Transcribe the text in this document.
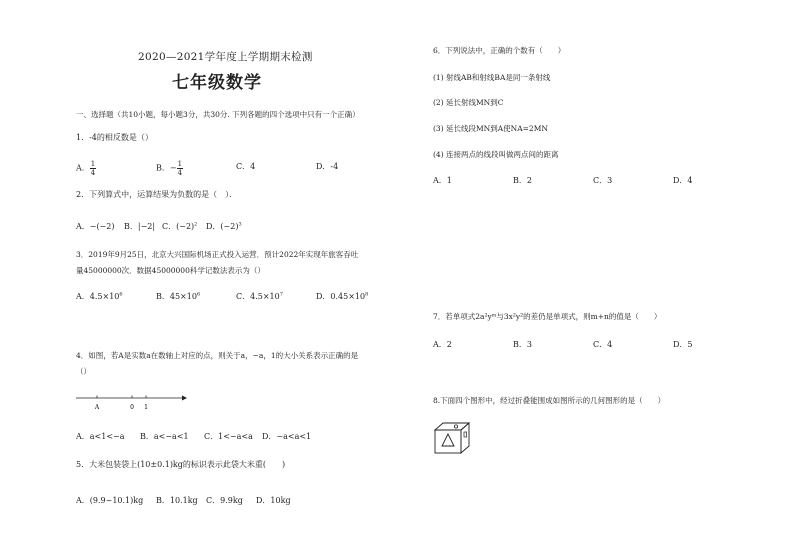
2020—2021学年度上学期期末检测
七年级数学
一、选择题（共10小题，每小题3分，共30分. 下列各题的四个选项中只有一个正确）
1．-4的相反数是（）
A． $\frac{1}{4}$	B．− $\frac{1}{4}$	C．4	D．-4
2．下列算式中，运算结果为负数的是（　）．
A．−(−2) B．|−2| C．$(-2)^2$ D．$(-2)^3$
3．2019年9月25日，北京大兴国际机场正式投入运营．预计2022年实现年旅客吞吐
量45000000次．数据45000000科学记数法表示为（）
A．$4.5\times 10^6$	B．$45\times 10^6$	C．$4.5\times 10^7$	D．$0.45\times 10^8$
4．如图，若A是实数a在数轴上对应的点，则关于a，−a，1的大小关系表示正确的是
（）
A	0 1
A．a<1<−a B．a<−a<1 C．1<−a<a D．−a<a<1
5．大米包装袋上(10±0.1)kg的标识表示此袋大米重(　　)
A．(9.9~10.1)kg B．10.1kg C．9.9kg D．10kg
6．下列说法中，正确的个数有（　　）
(1) 射线AB和射线BA是同一条射线
(2) 延长射线MN到C
(3) 延长线段MN到A使NA=2MN
(4) 连接两点的线段叫做两点间的距离
A．1	B．2	C．3	D．4
7．若单项式2a²yᵐ与3x²y²的差仍是单项式，则m+n的值是（　　）
A．2	B．3	C．4	D．5
8.下面四个图形中，经过折叠能围成如图所示的几何图形的是（　　）
